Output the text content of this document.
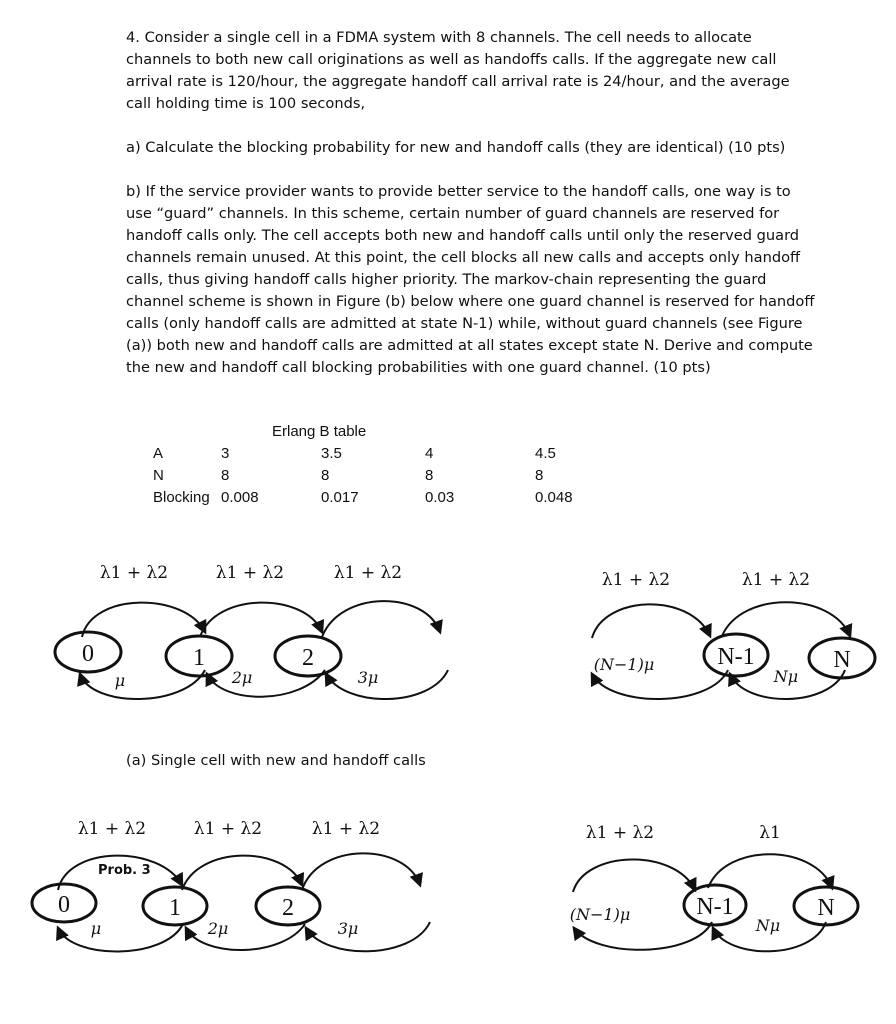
4. Consider a single cell in a FDMA system with 8 channels. The cell needs to allocate channels to both new call originations as well as handoffs calls. If the aggregate new call arrival rate is 120/hour, the aggregate handoff call arrival rate is 24/hour, and the average call holding time is 100 seconds,

a) Calculate the blocking probability for new and handoff calls (they are identical) (10 pts)

b) If the service provider wants to provide better service to the handoff calls, one way is to use “guard” channels. In this scheme, certain number of guard channels are reserved for handoff calls only. The cell accepts both new and handoff calls until only the reserved guard channels remain unused. At this point, the cell blocks all new calls and accepts only handoff calls, thus giving handoff calls higher priority. The markov-chain representing the guard channel scheme is shown in Figure (b) below where one guard channel is reserved for handoff calls (only handoff calls are admitted at state N-1) while, without guard channels (see Figure (a)) both new and handoff calls are admitted at all states except state N. Derive and compute the new and handoff call blocking probabilities with one guard channel. (10 pts)

Erlang B table
A	3	3.5	4	4.5
N	8	8	8	8
Blocking	0.008	0.017	0.03	0.048
0	1	2	N-1	N
λ1 + λ2	λ1 + λ2	λ1 + λ2	λ1 + λ2	λ1 + λ2
μ	2μ	3μ
(N−1)μ
Nμ
(a) Single cell with new and handoff calls
0	1	2	N-1	N
Prob. 3
λ1 + λ2	λ1 + λ2	λ1 + λ2	λ1 + λ2	λ1
μ	2μ	3μ
(N−1)μ
Nμ
